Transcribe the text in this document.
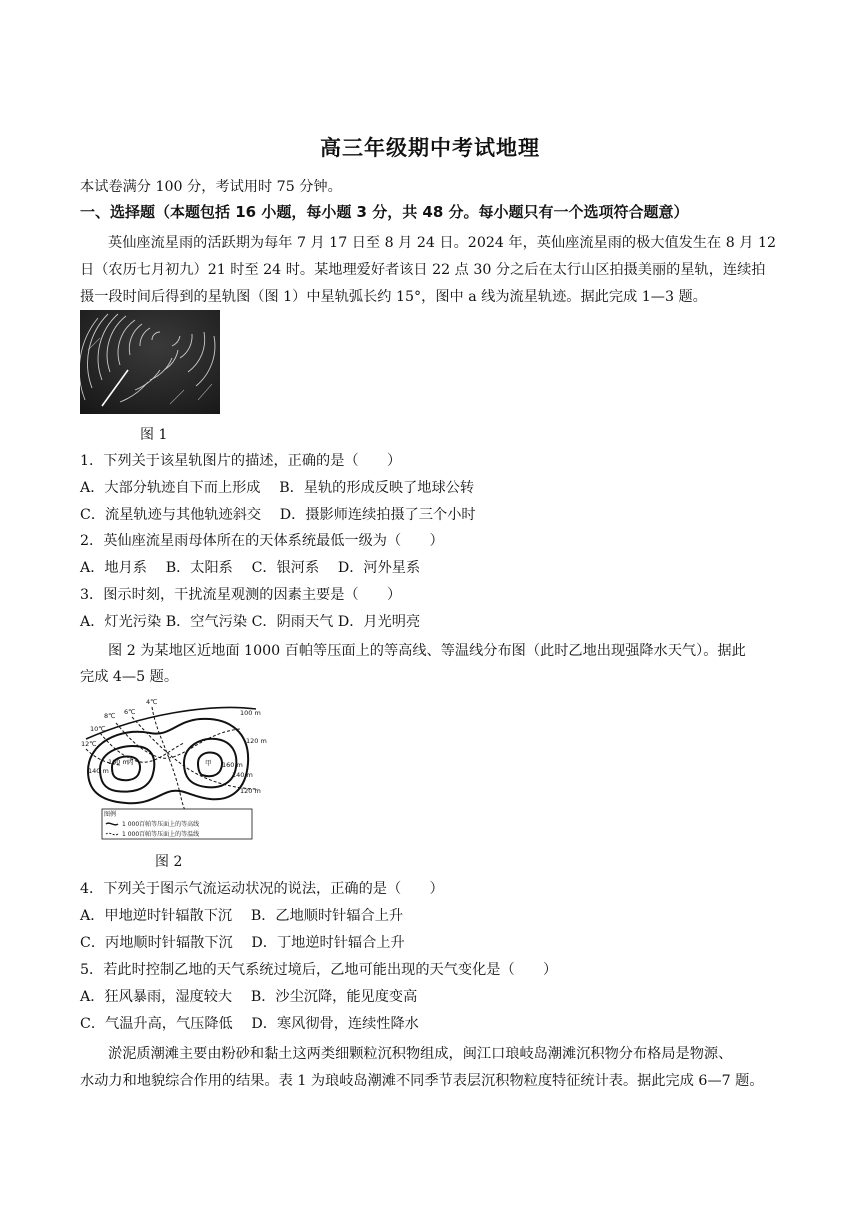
高三年级期中考试地理
本试卷满分 100 分，考试用时 75 分钟。
一、选择题（本题包括 16 小题，每小题 3 分，共 48 分。每小题只有一个选项符合题意）
英仙座流星雨的活跃期为每年 7 月 17 日至 8 月 24 日。2024 年，英仙座流星雨的极大值发生在 8 月 12
日（农历七月初九）21 时至 24 时。某地理爱好者该日 22 点 30 分之后在太行山区拍摄美丽的星轨，连续拍
摄一段时间后得到的星轨图（图 1）中星轨弧长约 15°，图中 a 线为流星轨迹。据此完成 1—3 题。
图 1
1．下列关于该星轨图片的描述，正确的是（　　）
A．大部分轨迹自下而上形成　 B．星轨的形成反映了地球公转
C．流星轨迹与其他轨迹斜交　 D．摄影师连续拍摄了三个小时
2．英仙座流星雨母体所在的天体系统最低一级为（　　）
A．地月系　 B．太阳系　 C．银河系　 D．河外星系
3．图示时刻，干扰流星观测的因素主要是（　　）
A．灯光污染 B．空气污染 C．阴雨天气 D．月光明亮
图 2 为某地区近地面 1000 百帕等压面上的等高线、等温线分布图（此时乙地出现强降水天气）。据此
完成 4—5 题。
4℃
6℃
8℃
10℃
12℃
100 m
120 m
140 m
160 m	160 m
140 m
120 m
丙	甲
图例
1 000百帕等压面上的等高线
1 000百帕等压面上的等温线
图 2
4．下列关于图示气流运动状况的说法，正确的是（　　）
A．甲地逆时针辐散下沉　 B．乙地顺时针辐合上升
C．丙地顺时针辐散下沉　 D．丁地逆时针辐合上升
5．若此时控制乙地的天气系统过境后，乙地可能出现的天气变化是（　　）
A．狂风暴雨，湿度较大　 B．沙尘沉降，能见度变高
C．气温升高，气压降低　 D．寒风彻骨，连续性降水
淤泥质潮滩主要由粉砂和黏土这两类细颗粒沉积物组成，闽江口琅岐岛潮滩沉积物分布格局是物源、
水动力和地貌综合作用的结果。表 1 为琅岐岛潮滩不同季节表层沉积物粒度特征统计表。据此完成 6—7 题。
